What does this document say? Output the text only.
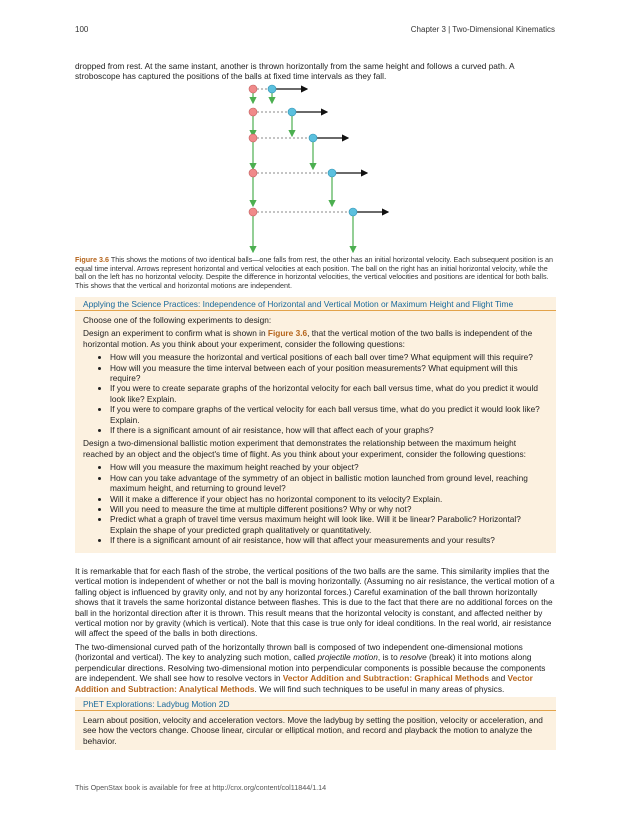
100	Chapter 3 | Two-Dimensional Kinematics

dropped from rest. At the same instant, another is thrown horizontally from the same height and follows a curved path. A stroboscope has captured the positions of the balls at fixed time intervals as they fall.

Figure 3.6 This shows the motions of two identical balls—one falls from rest, the other has an initial horizontal velocity. Each subsequent position is an equal time interval. Arrows represent horizontal and vertical velocities at each position. The ball on the right has an initial horizontal velocity, while the ball on the left has no horizontal velocity. Despite the difference in horizontal velocities, the vertical velocities and positions are identical for both balls. This shows that the vertical and horizontal motions are independent.

Applying the Science Practices: Independence of Horizontal and Vertical Motion or Maximum Height and Flight Time

Choose one of the following experiments to design:

Design an experiment to confirm what is shown in Figure 3.6, that the vertical motion of the two balls is independent of the horizontal motion. As you think about your experiment, consider the following questions:

• How will you measure the horizontal and vertical positions of each ball over time? What equipment will this require?
• How will you measure the time interval between each of your position measurements? What equipment will this require?
• If you were to create separate graphs of the horizontal velocity for each ball versus time, what do you predict it would look like? Explain.
• If you were to compare graphs of the vertical velocity for each ball versus time, what do you predict it would look like? Explain.
• If there is a significant amount of air resistance, how will that affect each of your graphs?

Design a two-dimensional ballistic motion experiment that demonstrates the relationship between the maximum height reached by an object and the object's time of flight. As you think about your experiment, consider the following questions:

• How will you measure the maximum height reached by your object?
• How can you take advantage of the symmetry of an object in ballistic motion launched from ground level, reaching maximum height, and returning to ground level?
• Will it make a difference if your object has no horizontal component to its velocity? Explain.
• Will you need to measure the time at multiple different positions? Why or why not?
• Predict what a graph of travel time versus maximum height will look like. Will it be linear? Parabolic? Horizontal? Explain the shape of your predicted graph qualitatively or quantitatively.
• If there is a significant amount of air resistance, how will that affect your measurements and your results?

It is remarkable that for each flash of the strobe, the vertical positions of the two balls are the same. This similarity implies that the vertical motion is independent of whether or not the ball is moving horizontally. (Assuming no air resistance, the vertical motion of a falling object is influenced by gravity only, and not by any horizontal forces.) Careful examination of the ball thrown horizontally shows that it travels the same horizontal distance between flashes. This is due to the fact that there are no additional forces on the ball in the horizontal direction after it is thrown. This result means that the horizontal velocity is constant, and affected neither by vertical motion nor by gravity (which is vertical). Note that this case is true only for ideal conditions. In the real world, air resistance will affect the speed of the balls in both directions.

The two-dimensional curved path of the horizontally thrown ball is composed of two independent one-dimensional motions (horizontal and vertical). The key to analyzing such motion, called projectile motion, is to resolve (break) it into motions along perpendicular directions. Resolving two-dimensional motion into perpendicular components is possible because the components are independent. We shall see how to resolve vectors in Vector Addition and Subtraction: Graphical Methods and Vector Addition and Subtraction: Analytical Methods. We will find such techniques to be useful in many areas of physics.

PhET Explorations: Ladybug Motion 2D

Learn about position, velocity and acceleration vectors. Move the ladybug by setting the position, velocity or acceleration, and see how the vectors change. Choose linear, circular or elliptical motion, and record and playback the motion to analyze the behavior.

This OpenStax book is available for free at http://cnx.org/content/col11844/1.14
